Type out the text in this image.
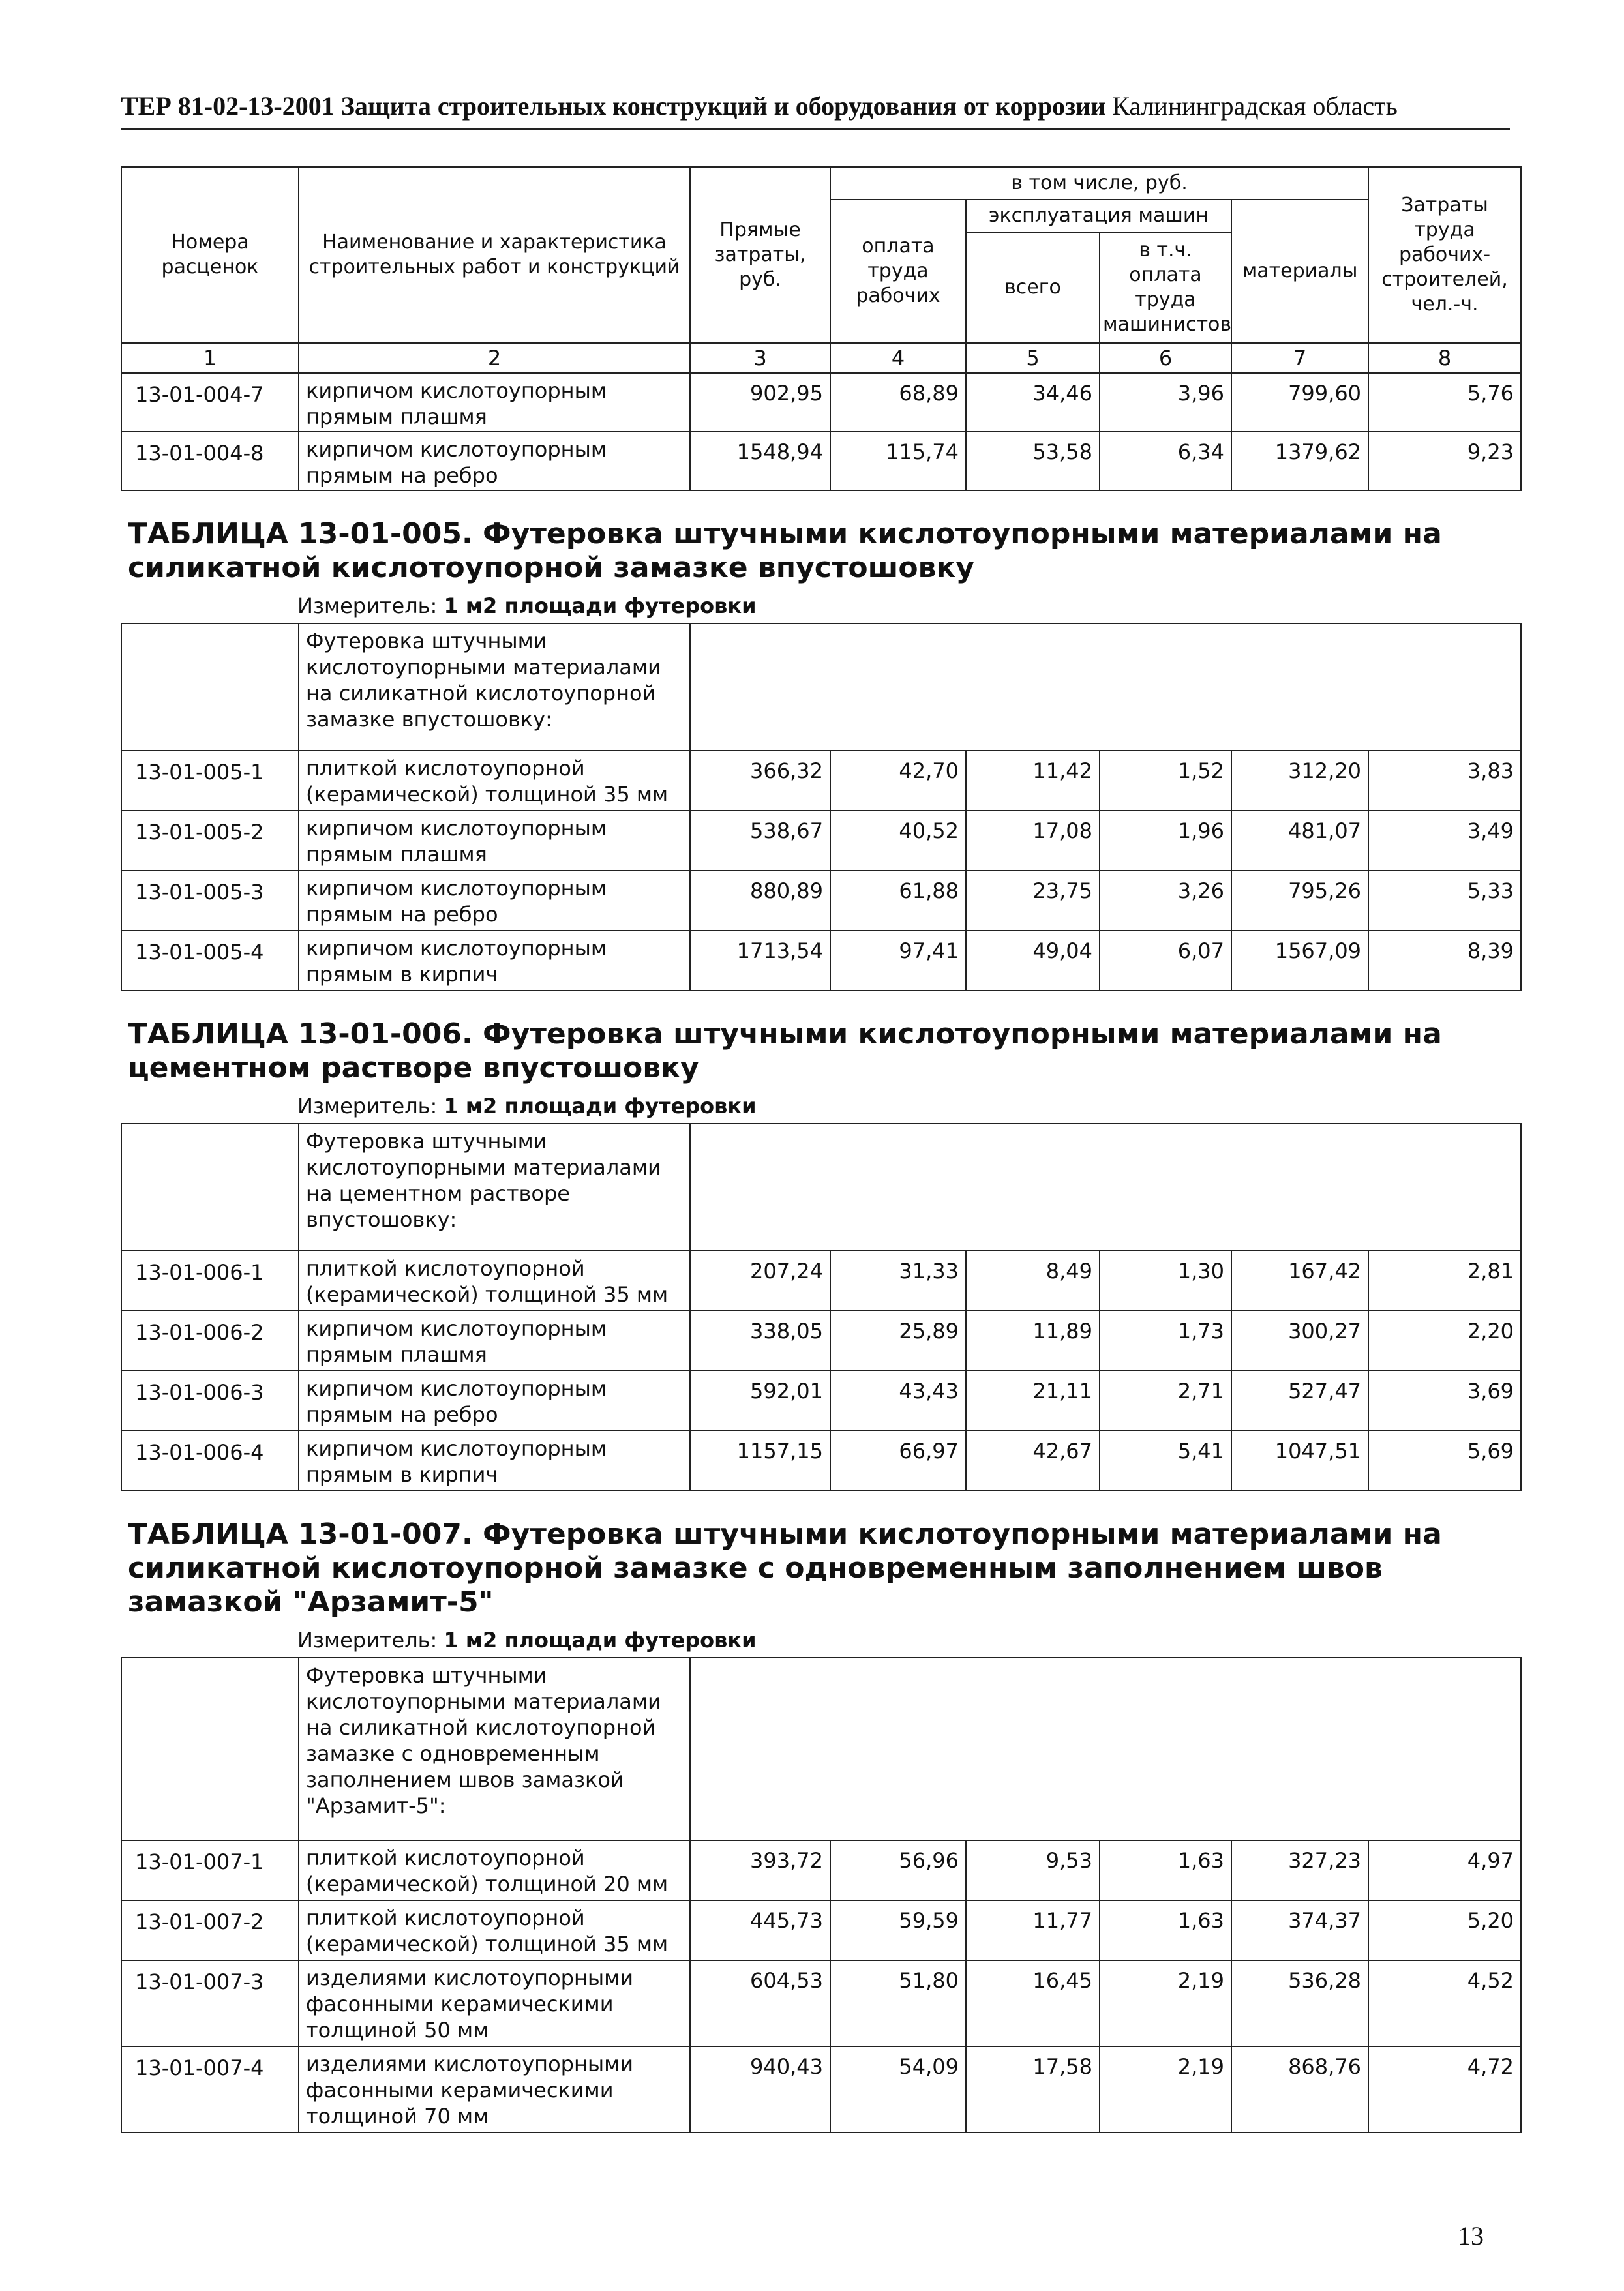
ТЕР 81-02-13-2001 Защита строительных конструкций и оборудования от коррозии Калининградская область
Номера расценок	Наименование и характеристика строительных работ и конструкций	Прямые затраты, руб.	в том числе, руб.				Затраты труда рабочих-строителей, чел.-ч.
			оплата труда рабочих	эксплуатация машин		материалы	
				всего	в т.ч. оплата труда машинистов		
1	2	3	4	5	6	7	8
13-01-004-7	кирпичом кислотоупорным прямым плашмя	902,95	68,89	34,46	3,96	799,60	5,76
13-01-004-8	кирпичом кислотоупорным прямым на ребро	1548,94	115,74	53,58	6,34	1379,62	9,23

ТАБЛИЦА 13-01-005. Футеровка штучными кислотоупорными материалами на силикатной кислотоупорной замазке впустошовку
Измеритель: 1 м2 площади футеровки							

	Футеровка штучными кислотоупорными материалами на силикатной кислотоупорной замазке впустошовку:						
13-01-005-1	плиткой кислотоупорной (керамической) толщиной 35 мм	366,32	42,70	11,42	1,52	312,20	3,83
13-01-005-2	кирпичом кислотоупорным прямым плашмя	538,67	40,52	17,08	1,96	481,07	3,49
13-01-005-3	кирпичом кислотоупорным прямым на ребро	880,89	61,88	23,75	3,26	795,26	5,33
13-01-005-4	кирпичом кислотоупорным прямым в кирпич	1713,54	97,41	49,04	6,07	1567,09	8,39

ТАБЛИЦА 13-01-006. Футеровка штучными кислотоупорными материалами на цементном растворе впустошовку
Измеритель: 1 м2 площади футеровки							

	Футеровка штучными кислотоупорными материалами на цементном растворе впустошовку:						
13-01-006-1	плиткой кислотоупорной (керамической) толщиной 35 мм	207,24	31,33	8,49	1,30	167,42	2,81
13-01-006-2	кирпичом кислотоупорным прямым плашмя	338,05	25,89	11,89	1,73	300,27	2,20
13-01-006-3	кирпичом кислотоупорным прямым на ребро	592,01	43,43	21,11	2,71	527,47	3,69
13-01-006-4	кирпичом кислотоупорным прямым в кирпич	1157,15	66,97	42,67	5,41	1047,51	5,69

ТАБЛИЦА 13-01-007. Футеровка штучными кислотоупорными материалами на силикатной кислотоупорной замазке с одновременным заполнением швов замазкой "Арзамит-5"
Измеритель: 1 м2 площади футеровки							

	Футеровка штучными кислотоупорными материалами на силикатной кислотоупорной замазке с одновременным заполнением швов замазкой "Арзамит-5":						
13-01-007-1	плиткой кислотоупорной (керамической) толщиной 20 мм	393,72	56,96	9,53	1,63	327,23	4,97
13-01-007-2	плиткой кислотоупорной (керамической) толщиной 35 мм	445,73	59,59	11,77	1,63	374,37	5,20
13-01-007-3	изделиями кислотоупорными фасонными керамическими толщиной 50 мм	604,53	51,80	16,45	2,19	536,28	4,52
13-01-007-4	изделиями кислотоупорными фасонными керамическими толщиной 70 мм	940,43	54,09	17,58	2,19	868,76	4,72
13
